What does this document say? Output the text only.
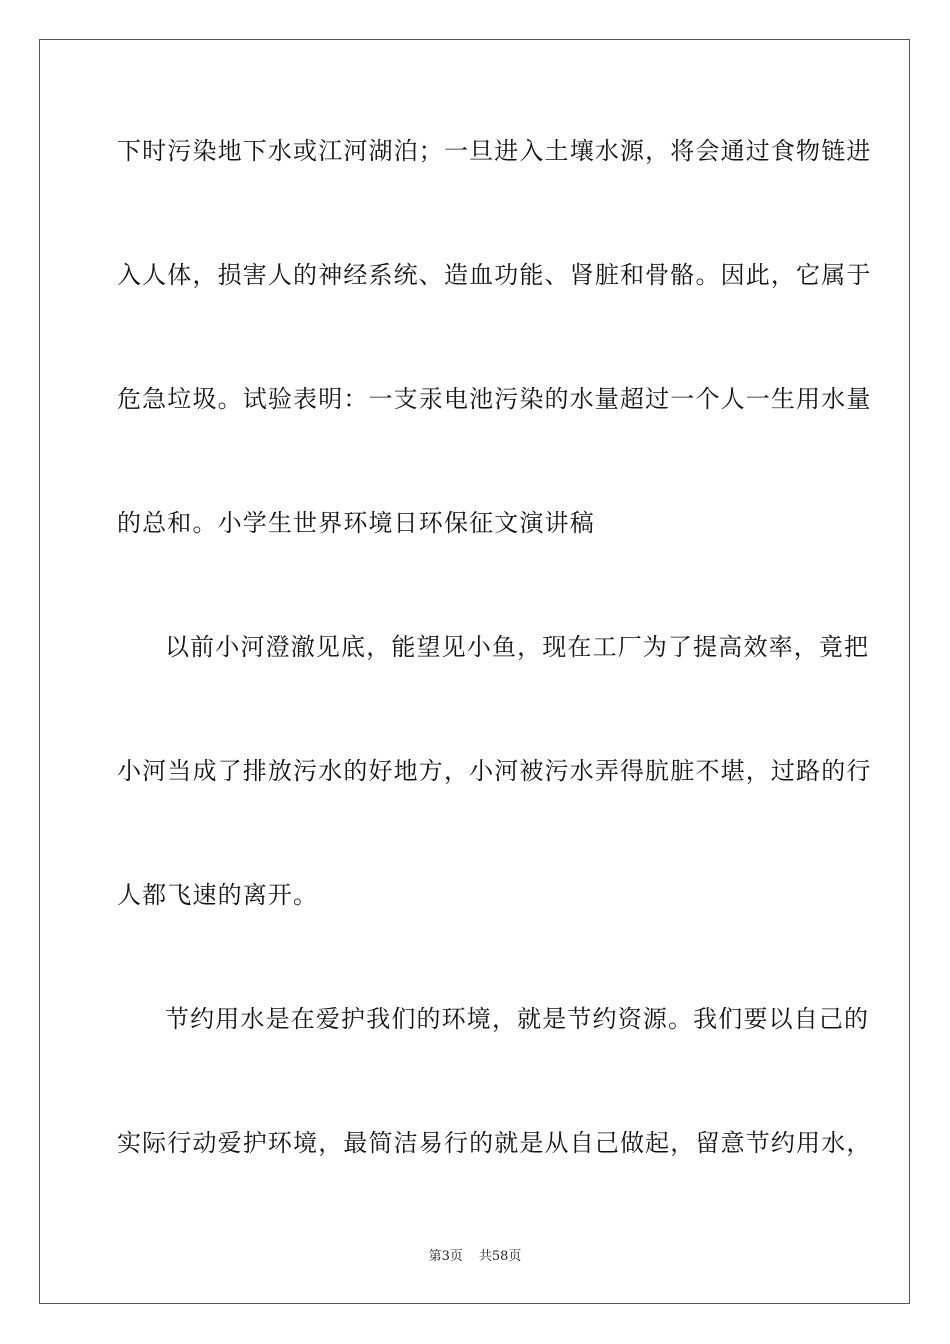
下时污染地下水或江河湖泊；一旦进入土壤水源，将会通过食物链进
入人体，损害人的神经系统、造血功能、肾脏和骨骼。因此，它属于
危急垃圾。试验表明：一支汞电池污染的水量超过一个人一生用水量
的总和。小学生世界环境日环保征文演讲稿
以前小河澄澈见底，能望见小鱼，现在工厂为了提高效率，竟把
小河当成了排放污水的好地方，小河被污水弄得肮脏不堪，过路的行
人都飞速的离开。
节约用水是在爱护我们的环境，就是节约资源。我们要以自己的
实际行动爱护环境，最简洁易行的就是从自己做起，留意节约用水，
第3页 共58页
